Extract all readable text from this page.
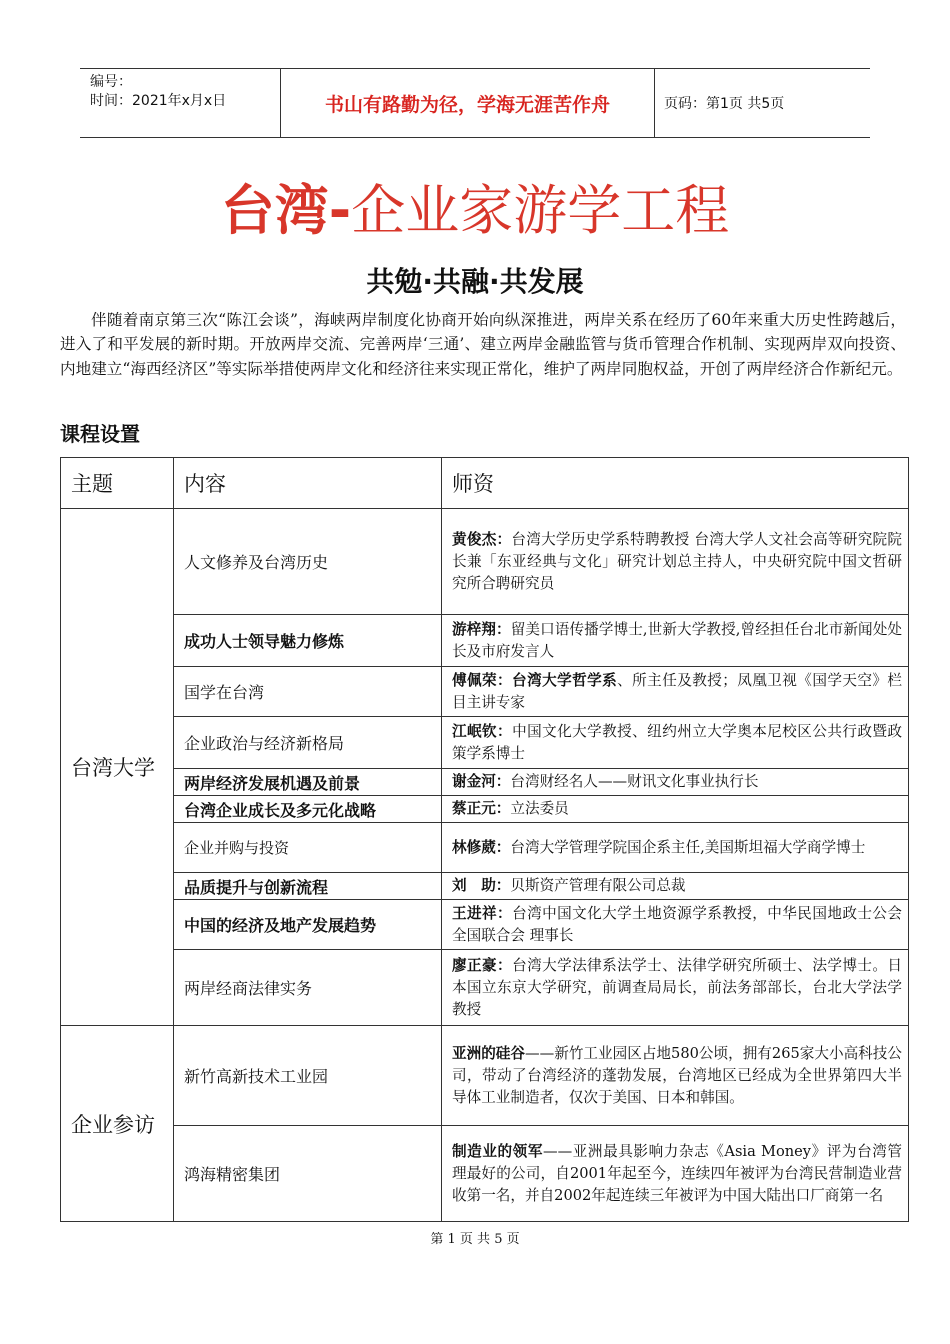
编号：
时间：2021年x月x日	书山有路勤为径，学海无涯苦作舟	页码：第1页 共5页
台湾-企业家游学工程
共勉·共融·共发展
伴随着南京第三次“陈江会谈”，海峡两岸制度化协商开始向纵深推进，两岸关系在经历了60年来重大历史性跨越后，进入了和平发展的新时期。开放两岸交流、完善两岸‘三通’、建立两岸金融监管与货币管理合作机制、实现两岸双向投资、内地建立“海西经济区”等实际举措使两岸文化和经济往来实现正常化，维护了两岸同胞权益，开创了两岸经济合作新纪元。
课程设置
主题	内容	师资
台湾大学	人文修养及台湾历史	黄俊杰：台湾大学历史学系特聘教授 台湾大学人文社会高等研究院院长兼「东亚经典与文化」研究计划总主持人，中央研究院中国文哲研究所合聘研究员
	成功人士领导魅力修炼	游梓翔：留美口语传播学博士,世新大学教授,曾经担任台北市新闻处处长及市府发言人
	国学在台湾	傅佩荣：台湾大学哲学系、所主任及教授；凤凰卫视《国学天空》栏目主讲专家
	企业政治与经济新格局	江岷钦：中国文化大学教授、纽约州立大学奥本尼校区公共行政暨政策学系博士
	两岸经济发展机遇及前景	谢金河：台湾财经名人——财讯文化事业执行长
	台湾企业成长及多元化战略	蔡正元：立法委员
	企业并购与投资	林修葳：台湾大学管理学院国企系主任,美国斯坦福大学商学博士
	品质提升与创新流程	刘　助：贝斯资产管理有限公司总裁
	中国的经济及地产发展趋势	王进祥：台湾中国文化大学土地资源学系教授，中华民国地政士公会全国联合会 理事长
	两岸经商法律实务	廖正豪：台湾大学法律系法学士、法律学研究所硕士、法学博士。日本国立东京大学研究，前调查局局长，前法务部部长，台北大学法学教授
企业参访	新竹高新技术工业园	亚洲的硅谷——新竹工业园区占地580公顷，拥有265家大小高科技公司，带动了台湾经济的蓬勃发展，台湾地区已经成为全世界第四大半导体工业制造者，仅次于美国、日本和韩国。
	鸿海精密集团	制造业的领军——亚洲最具影响力杂志《Asia Money》评为台湾管理最好的公司，自2001年起至今，连续四年被评为台湾民营制造业营收第一名，并自2002年起连续三年被评为中国大陆出口厂商第一名
第 1 页 共 5 页
